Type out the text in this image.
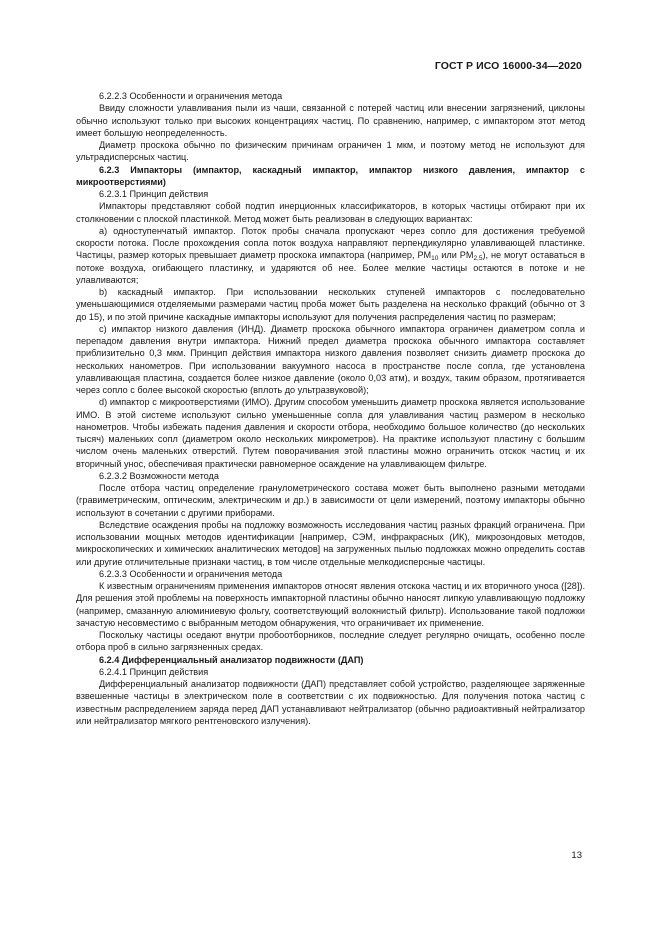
ГОСТ Р ИСО 16000-34—2020

6.2.2.3 Особенности и ограничения метода

Ввиду сложности улавливания пыли из чаши, связанной с потерей частиц или внесении загрязнений, циклоны обычно используют только при высоких концентрациях частиц. По сравнению, например, с импактором этот метод имеет большую неопределенность.

Диаметр проскока обычно по физическим причинам ограничен 1 мкм, и поэтому метод не используют для ультрадисперсных частиц.

6.2.3 Импакторы (импактор, каскадный импактор, импактор низкого давления, импактор с микроотверстиями)

6.2.3.1 Принцип действия

Импакторы представляют собой подтип инерционных классификаторов, в которых частицы отбирают при их столкновении с плоской пластинкой. Метод может быть реализован в следующих вариантах:

a) одноступенчатый импактор. Поток пробы сначала пропускают через сопло для достижения требуемой скорости потока. После прохождения сопла поток воздуха направляют перпендикулярно улавливающей пластинке. Частицы, размер которых превышает диаметр проскока импактора (например, $PM_{10}$ или $PM_{2,5}$), не могут оставаться в потоке воздуха, огибающего пластинку, и ударяются об нее. Более мелкие частицы остаются в потоке и не улавливаются;

b) каскадный импактор. При использовании нескольких ступеней импакторов с последовательно уменьшающимися отделяемыми размерами частиц проба может быть разделена на несколько фракций (обычно от 3 до 15), и по этой причине каскадные импакторы используют для получения распределения частиц по размерам;

c) импактор низкого давления (ИНД). Диаметр проскока обычного импактора ограничен диаметром сопла и перепадом давления внутри импактора. Нижний предел диаметра проскока обычного импактора составляет приблизительно 0,3 мкм. Принцип действия импактора низкого давления позволяет снизить диаметр проскока до нескольких нанометров. При использовании вакуумного насоса в пространстве после сопла, где установлена улавливающая пластина, создается более низкое давление (около 0,03 атм), и воздух, таким образом, протягивается через сопло с более высокой скоростью (вплоть до ультразвуковой);

d) импактор с микроотверстиями (ИМО). Другим способом уменьшить диаметр проскока является использование ИМО. В этой системе используют сильно уменьшенные сопла для улавливания частиц размером в несколько нанометров. Чтобы избежать падения давления и скорости отбора, необходимо большое количество (до нескольких тысяч) маленьких сопл (диаметром около нескольких микрометров). На практике используют пластину с большим числом очень маленьких отверстий. Путем поворачивания этой пластины можно ограничить отскок частиц и их вторичный унос, обеспечивая практически равномерное осаждение на улавливающем фильтре.

6.2.3.2 Возможности метода

После отбора частиц определение гранулометрического состава может быть выполнено разными методами (гравиметрическим, оптическим, электрическим и др.) в зависимости от цели измерений, поэтому импакторы обычно используют в сочетании с другими приборами.

Вследствие осаждения пробы на подложку возможность исследования частиц разных фракций ограничена. При использовании мощных методов идентификации [например, СЭМ, инфракрасных (ИК), микрозондовых методов, микроскопических и химических аналитических методов] на загруженных пылью подложках можно определить состав или другие отличительные признаки частиц, в том числе отдельные мелкодисперсные частицы.

6.2.3.3 Особенности и ограничения метода

К известным ограничениям применения импакторов относят явления отскока частиц и их вторичного уноса ([28]). Для решения этой проблемы на поверхность импакторной пластины обычно наносят липкую улавливающую подложку (например, смазанную алюминиевую фольгу, соответствующий волокнистый фильтр). Использование такой подложки зачастую несовместимо с выбранным методом обнаружения, что ограничивает их применение.

Поскольку частицы оседают внутри пробоотборников, последние следует регулярно очищать, особенно после отбора проб в сильно загрязненных средах.

6.2.4 Дифференциальный анализатор подвижности (ДАП)

6.2.4.1 Принцип действия

Дифференциальный анализатор подвижности (ДАП) представляет собой устройство, разделяющее заряженные взвешенные частицы в электрическом поле в соответствии с их подвижностью. Для получения потока частиц с известным распределением заряда перед ДАП устанавливают нейтрализатор (обычно радиоактивный нейтрализатор или нейтрализатор мягкого рентгеновского излучения).

13
